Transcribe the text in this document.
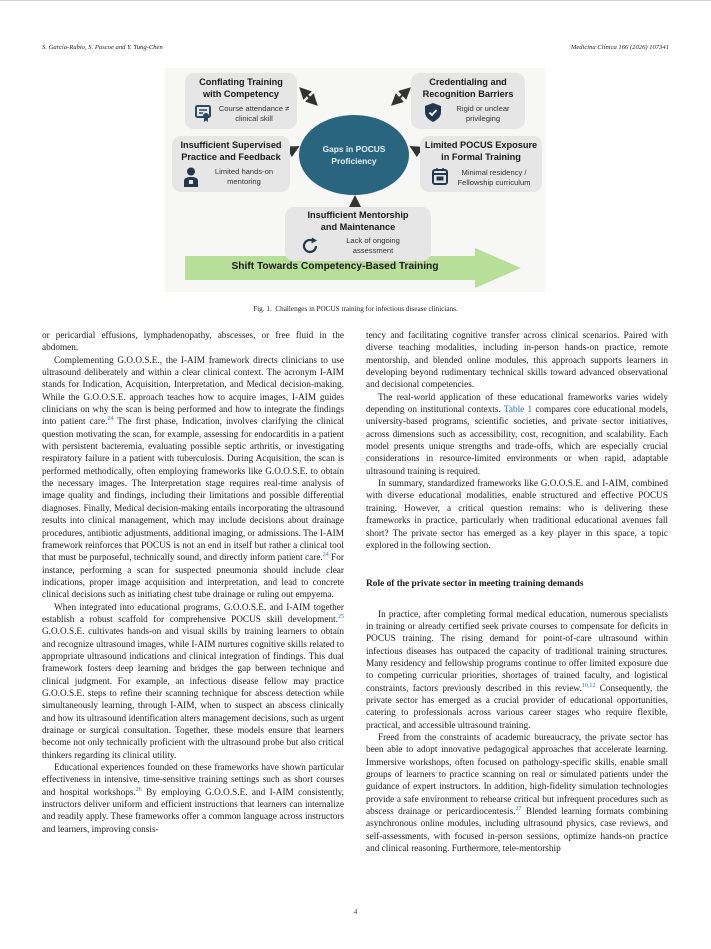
S. García-Rubio, S. Pascoe and Y. Tung-Chen	Medicina Clínica 166 (2026) 107341
Shift Towards Competency-Based Training
Gaps in POCUS
Proficiency
Conflating Training
with Competency
Course attendance ≠
clinical skill
Credentialing and
Recognition Barriers
Rigid or unclear
privileging
Insufficient Supervised
Practice and Feedback
Limited hands-on
mentoring
Limited POCUS Exposure
in Formal Training
Minimal residency /
Fellowship curriculum
Insufficient Mentorship
and Maintenance
Lack of ongoing
assessment
Fig. 1. Challenges in POCUS training for infectious disease clinicians.

or pericardial effusions, lymphadenopathy, abscesses, or free fluid in the abdomen.

Complementing G.O.O.S.E., the I-AIM framework directs clinicians to use ultrasound deliberately and within a clear clinical context. The acronym I-AIM stands for Indication, Acquisition, Interpretation, and Medical decision-making. While the G.O.O.S.E. approach teaches how to acquire images, I-AIM guides clinicians on why the scan is being performed and how to integrate the findings into patient care.$^{24}$ The first phase, Indication, involves clarifying the clinical question motivating the scan, for example, assessing for endocarditis in a patient with persistent bacteremia, evaluating possible septic arthritis, or investigating respiratory failure in a patient with tuberculosis. During Acquisition, the scan is performed methodically, often employing frameworks like G.O.O.S.E. to obtain the necessary images. The Interpretation stage requires real-time analysis of image quality and findings, including their limitations and possible differential diagnoses. Finally, Medical decision-making entails incorporating the ultrasound results into clinical management, which may include decisions about drainage procedures, antibiotic adjustments, additional imaging, or admissions. The I-AIM framework reinforces that POCUS is not an end in itself but rather a clinical tool that must be purposeful, technically sound, and directly inform patient care.$^{24}$ For instance, performing a scan for suspected pneumonia should include clear indications, proper image acquisition and interpretation, and lead to concrete clinical decisions such as initiating chest tube drainage or ruling out empyema.

When integrated into educational programs, G.O.O.S.E. and I-AIM together establish a robust scaffold for comprehensive POCUS skill development.$^{25}$ G.O.O.S.E. cultivates hands-on and visual skills by training learners to obtain and recognize ultrasound images, while I-AIM nurtures cognitive skills related to appropriate ultrasound indications and clinical integration of findings. This dual framework fosters deep learning and bridges the gap between technique and clinical judgment. For example, an infectious disease fellow may practice G.O.O.S.E. steps to refine their scanning technique for abscess detection while simultaneously learning, through I-AIM, when to suspect an abscess clinically and how its ultrasound identification alters management decisions, such as urgent drainage or surgical consultation. Together, these models ensure that learners become not only technically proficient with the ultrasound probe but also critical thinkers regarding its clinical utility.

Educational experiences founded on these frameworks have shown particular effectiveness in intensive, time-sensitive training settings such as short courses and hospital workshops.$^{26}$ By employing G.O.O.S.E. and I-AIM consistently, instructors deliver uniform and efficient instructions that learners can internalize and readily apply. These frameworks offer a common language across instructors and learners, improving consis-

tency and facilitating cognitive transfer across clinical scenarios. Paired with diverse teaching modalities, including in-person hands-on practice, remote mentorship, and blended online modules, this approach supports learners in developing beyond rudimentary technical skills toward advanced observational and decisional competencies.

The real-world application of these educational frameworks varies widely depending on institutional contexts. Table 1 compares core educational models, university-based programs, scientific societies, and private sector initiatives, across dimensions such as accessibility, cost, recognition, and scalability. Each model presents unique strengths and trade-offs, which are especially crucial considerations in resource-limited environments or when rapid, adaptable ultrasound training is required.

In summary, standardized frameworks like G.O.O.S.E. and I-AIM, combined with diverse educational modalities, enable structured and effective POCUS training. However, a critical question remains: who is delivering these frameworks in practice, particularly when traditional educational avenues fall short? The private sector has emerged as a key player in this space, a topic explored in the following section.

Role of the private sector in meeting training demands

In practice, after completing formal medical education, numerous specialists in training or already certified seek private courses to compensate for deficits in POCUS training. The rising demand for point-of-care ultrasound within infectious diseases has outpaced the capacity of traditional training structures. Many residency and fellowship programs continue to offer limited exposure due to competing curricular priorities, shortages of trained faculty, and logistical constraints, factors previously described in this review.$^{10,12}$ Consequently, the private sector has emerged as a crucial provider of educational opportunities, catering to professionals across various career stages who require flexible, practical, and accessible ultrasound training.

Freed from the constraints of academic bureaucracy, the private sector has been able to adopt innovative pedagogical approaches that accelerate learning. Immersive workshops, often focused on pathology-specific skills, enable small groups of learners to practice scanning on real or simulated patients under the guidance of expert instructors. In addition, high-fidelity simulation technologies provide a safe environment to rehearse critical but infrequent procedures such as abscess drainage or pericardiocentesis.$^{27}$ Blended learning formats combining asynchronous online modules, including ultrasound physics, case reviews, and self-assessments, with focused in-person sessions, optimize hands-on practice and clinical reasoning. Furthermore, tele-mentorship

4
